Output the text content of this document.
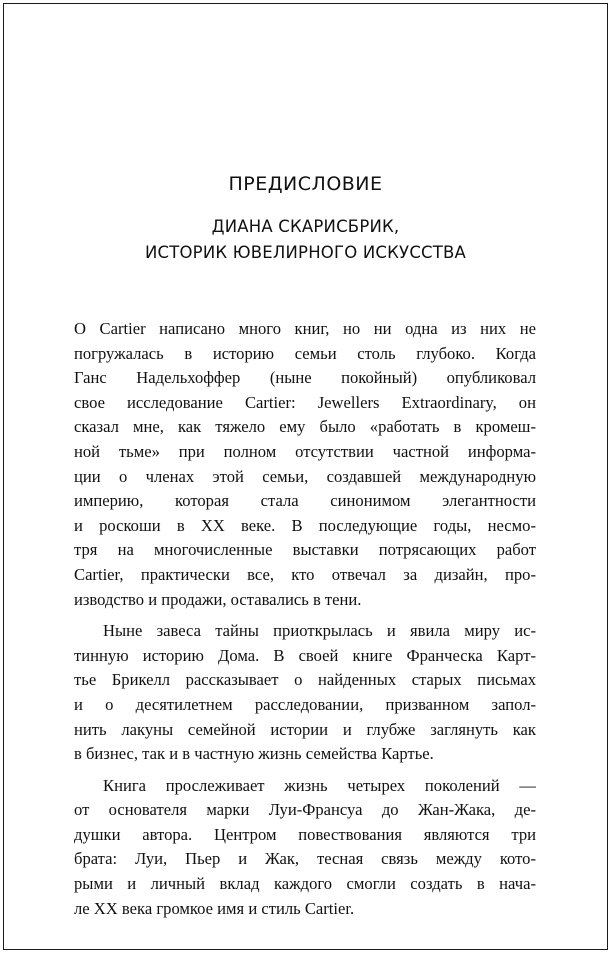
ПРЕДИСЛОВИЕ
ДИАНА СКАРИСБРИК,
ИСТОРИК ЮВЕЛИРНОГО ИСКУССТВА

О Cartier написано много книг, но ни одна из них не
погружалась в историю семьи столь глубоко. Когда
Ганс Надельхоффер (ныне покойный) опубликовал
свое исследование Cartier: Jewellers Extraordinary, он
сказал мне, как тяжело ему было «работать в кромеш-
ной тьме» при полном отсутствии частной информа-
ции о членах этой семьи, создавшей международную
империю, которая стала синонимом элегантности
и роскоши в XX веке. В последующие годы, несмо-
тря на многочисленные выставки потрясающих работ
Cartier, практически все, кто отвечал за дизайн, про-
изводство и продажи, оставались в тени.

Ныне завеса тайны приоткрылась и явила миру ис-
тинную историю Дома. В своей книге Франческа Карт-
тье Брикелл рассказывает о найденных старых письмах
и о десятилетнем расследовании, призванном запол-
нить лакуны семейной истории и глубже заглянуть как
в бизнес, так и в частную жизнь семейства Картье.

Книга прослеживает жизнь четырех поколений —
от основателя марки Луи-Франсуа до Жан-Жака, де-
душки автора. Центром повествования являются три
брата: Луи, Пьер и Жак, тесная связь между кото-
рыми и личный вклад каждого смогли создать в нача-
ле XX века громкое имя и стиль Cartier.
